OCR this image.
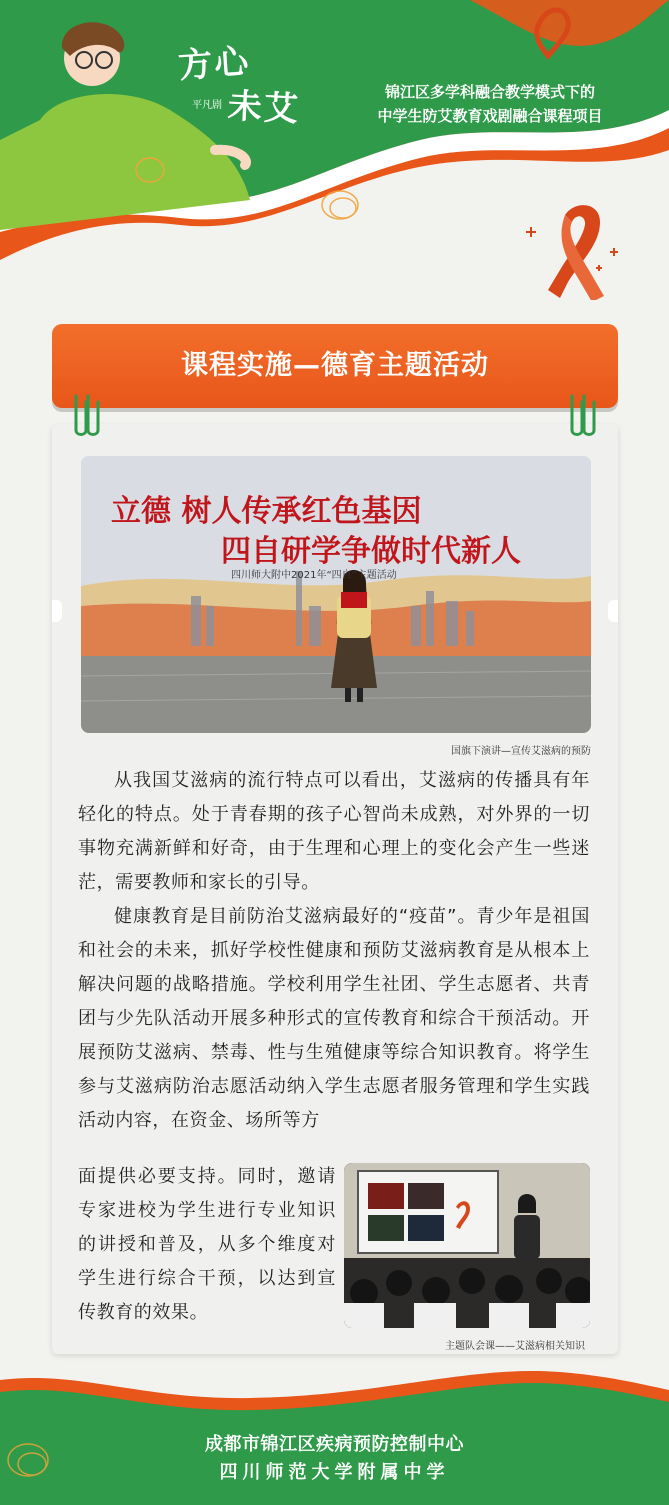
方心
平凡剧 未艾	锦江区多学科融合教学模式下的
中学生防艾教育戏剧融合课程项目
课程实施—德育主题活动
立德 树人传承红色基因
四自研学争做时代新人
四川师大附中2021年“四自”主题活动
国旗下演讲—宣传艾滋病的预防
从我国艾滋病的流行特点可以看出，艾滋病的传播具有年轻化的特点。处于青春期的孩子心智尚未成熟，对外界的一切事物充满新鲜和好奇，由于生理和心理上的变化会产生一些迷茫，需要教师和家长的引导。
健康教育是目前防治艾滋病最好的“疫苗”。青少年是祖国和社会的未来，抓好学校性健康和预防艾滋病教育是从根本上解决问题的战略措施。学校利用学生社团、学生志愿者、共青团与少先队活动开展多种形式的宣传教育和综合干预活动。开展预防艾滋病、禁毒、性与生殖健康等综合知识教育。将学生参与艾滋病防治志愿活动纳入学生志愿者服务管理和学生实践活动内容，在资金、场所等方
面提供必要支持。同时，邀请专家进校为学生进行专业知识的讲授和普及，从多个维度对学生进行综合干预，以达到宣传教育的效果。
主题队会课——艾滋病相关知识
成都市锦江区疾病预防控制中心
四川师范大学附属中学
